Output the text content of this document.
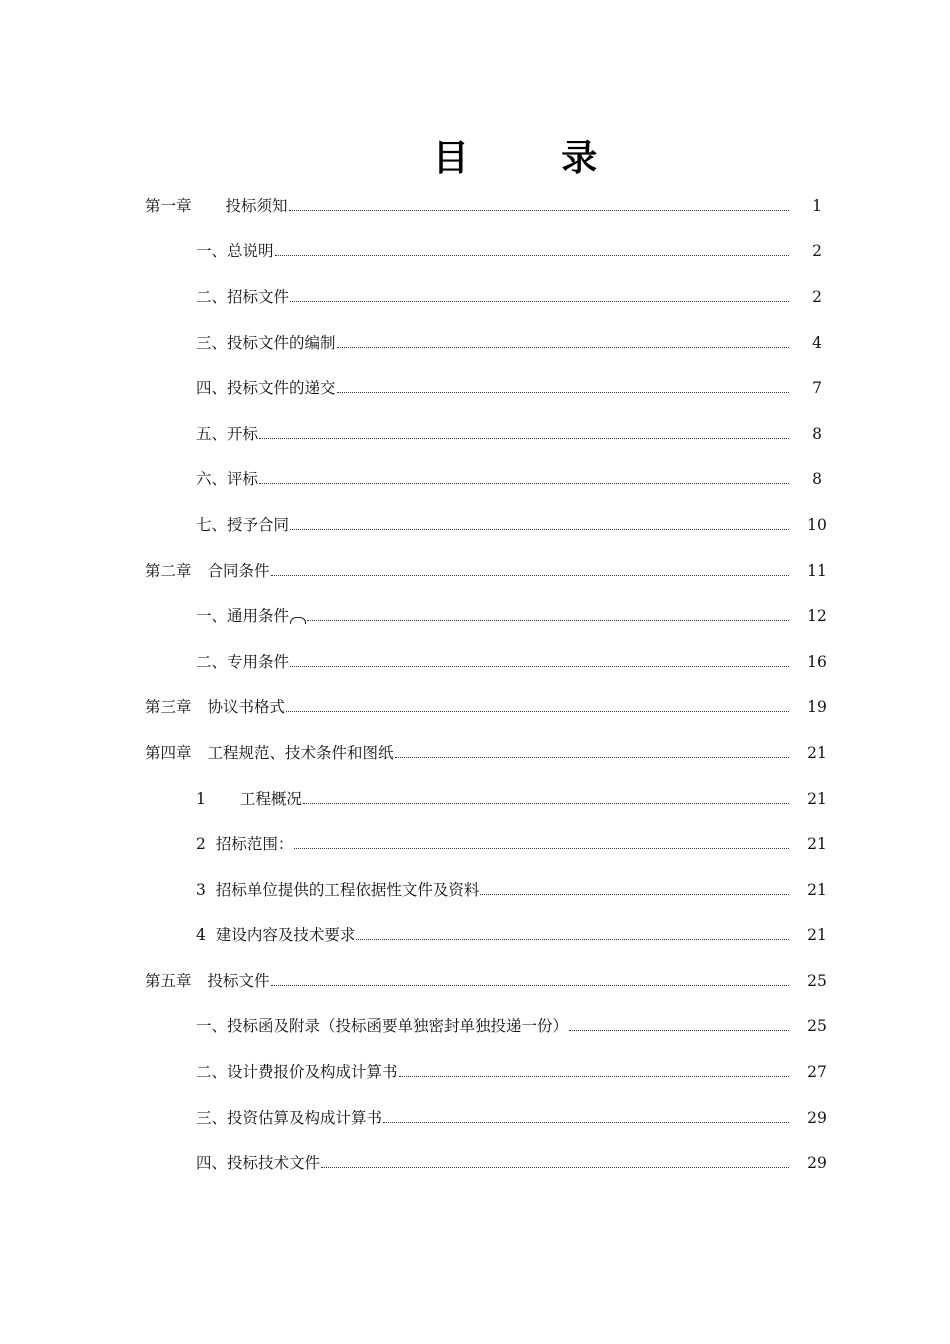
目 录
第一章 投标须知	1
一、总说明	2
二、招标文件	2
三、投标文件的编制	4
四、投标文件的递交	7
五、开标	8
六、评标	8
七、授予合同	10
第二章 合同条件	11
一、通用条件	12
二、专用条件	16
第三章 协议书格式	19
第四章 工程规范、技术条件和图纸	21
1 工程概况	21
2 招标范围：	21
3 招标单位提供的工程依据性文件及资料	21
4 建设内容及技术要求	21
第五章 投标文件	25
一、投标函及附录（投标函要单独密封单独投递一份）	25
二、设计费报价及构成计算书	27
三、投资估算及构成计算书	29
四、投标技术文件	29
